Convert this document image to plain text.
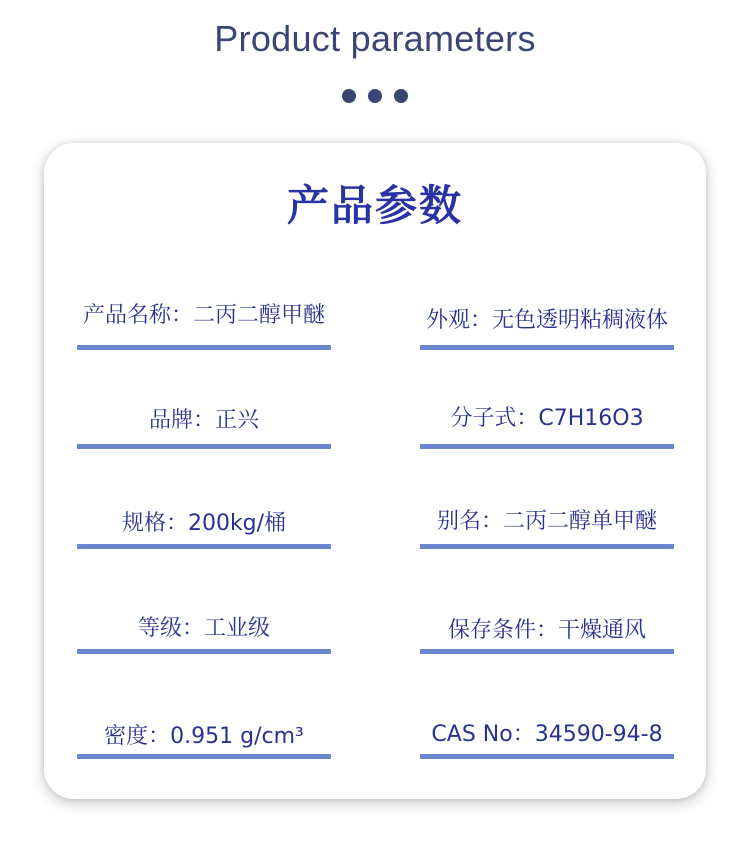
Product parameters
产品参数
产品名称：二丙二醇甲醚	外观：无色透明粘稠液体
品牌：正兴	分子式：C7H16O3
规格：200kg/桶	别名：二丙二醇单甲醚
等级：工业级	保存条件：干燥通风
密度：0.951 g/cm³	CAS No：34590-94-8
